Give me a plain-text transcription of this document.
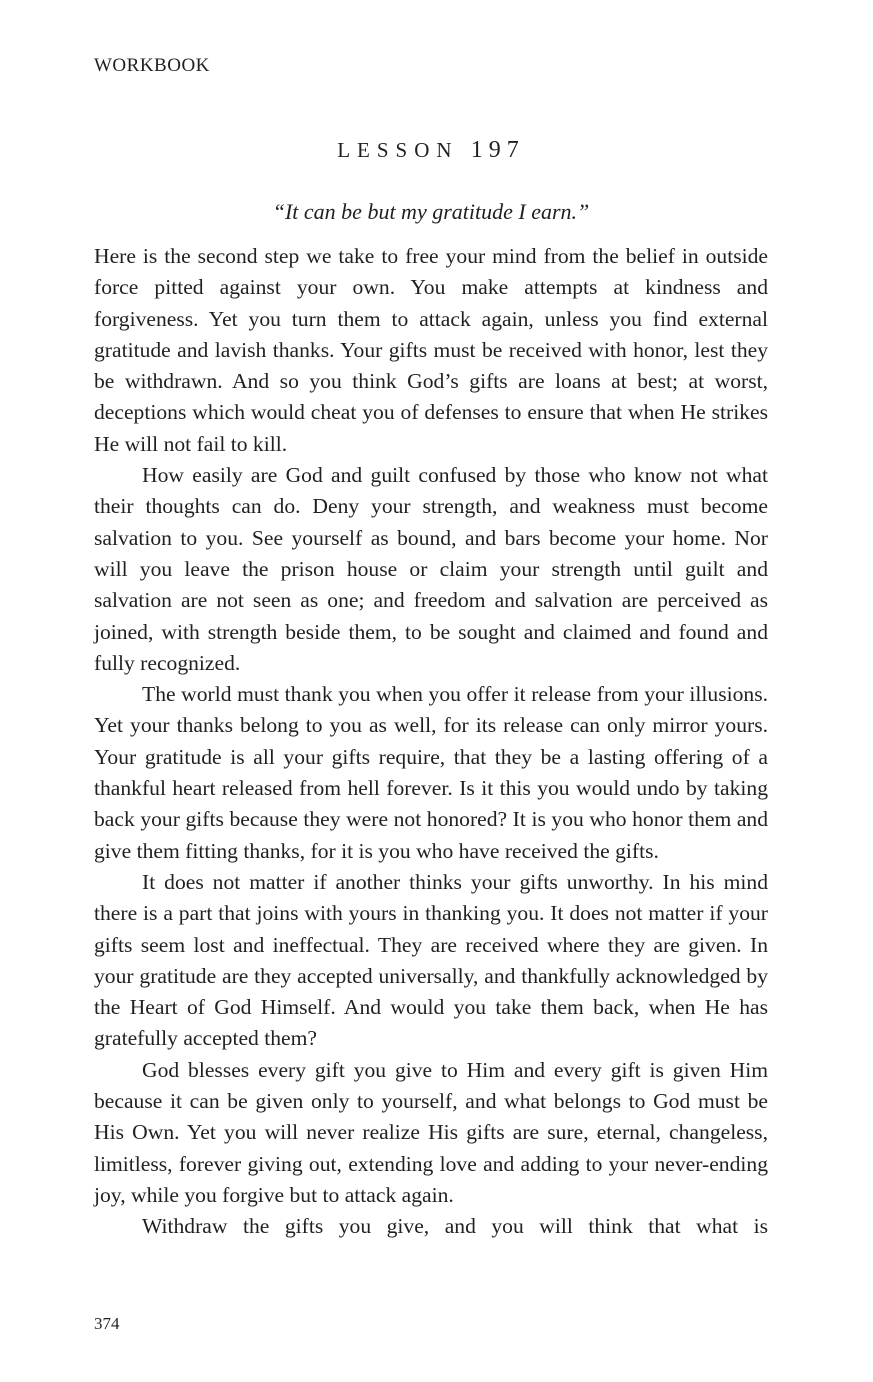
WORKBOOK
LESSON 197
“It can be but my gratitude I earn.”

Here is the second step we take to free your mind from the belief in outside force pitted against your own. You make attempts at kindness and forgiveness. Yet you turn them to attack again, unless you find external gratitude and lavish thanks. Your gifts must be received with honor, lest they be withdrawn. And so you think God’s gifts are loans at best; at worst, deceptions which would cheat you of defenses to ensure that when He strikes He will not fail to kill.

How easily are God and guilt confused by those who know not what their thoughts can do. Deny your strength, and weakness must become salvation to you. See yourself as bound, and bars become your home. Nor will you leave the prison house or claim your strength until guilt and salvation are not seen as one; and freedom and salvation are perceived as joined, with strength beside them, to be sought and claimed and found and fully recognized.

The world must thank you when you offer it release from your illusions. Yet your thanks belong to you as well, for its release can only mirror yours. Your gratitude is all your gifts require, that they be a lasting offering of a thankful heart released from hell forever. Is it this you would undo by taking back your gifts because they were not honored? It is you who honor them and give them fitting thanks, for it is you who have received the gifts.

It does not matter if another thinks your gifts unworthy. In his mind there is a part that joins with yours in thanking you. It does not matter if your gifts seem lost and ineffectual. They are received where they are given. In your gratitude are they accepted universally, and thankfully acknowledged by the Heart of God Himself. And would you take them back, when He has gratefully accepted them?

God blesses every gift you give to Him and every gift is given Him because it can be given only to yourself, and what belongs to God must be His Own. Yet you will never realize His gifts are sure, eternal, changeless, limitless, forever giving out, extending love and adding to your never-ending joy, while you forgive but to attack again.

Withdraw the gifts you give, and you will think that what is

374
